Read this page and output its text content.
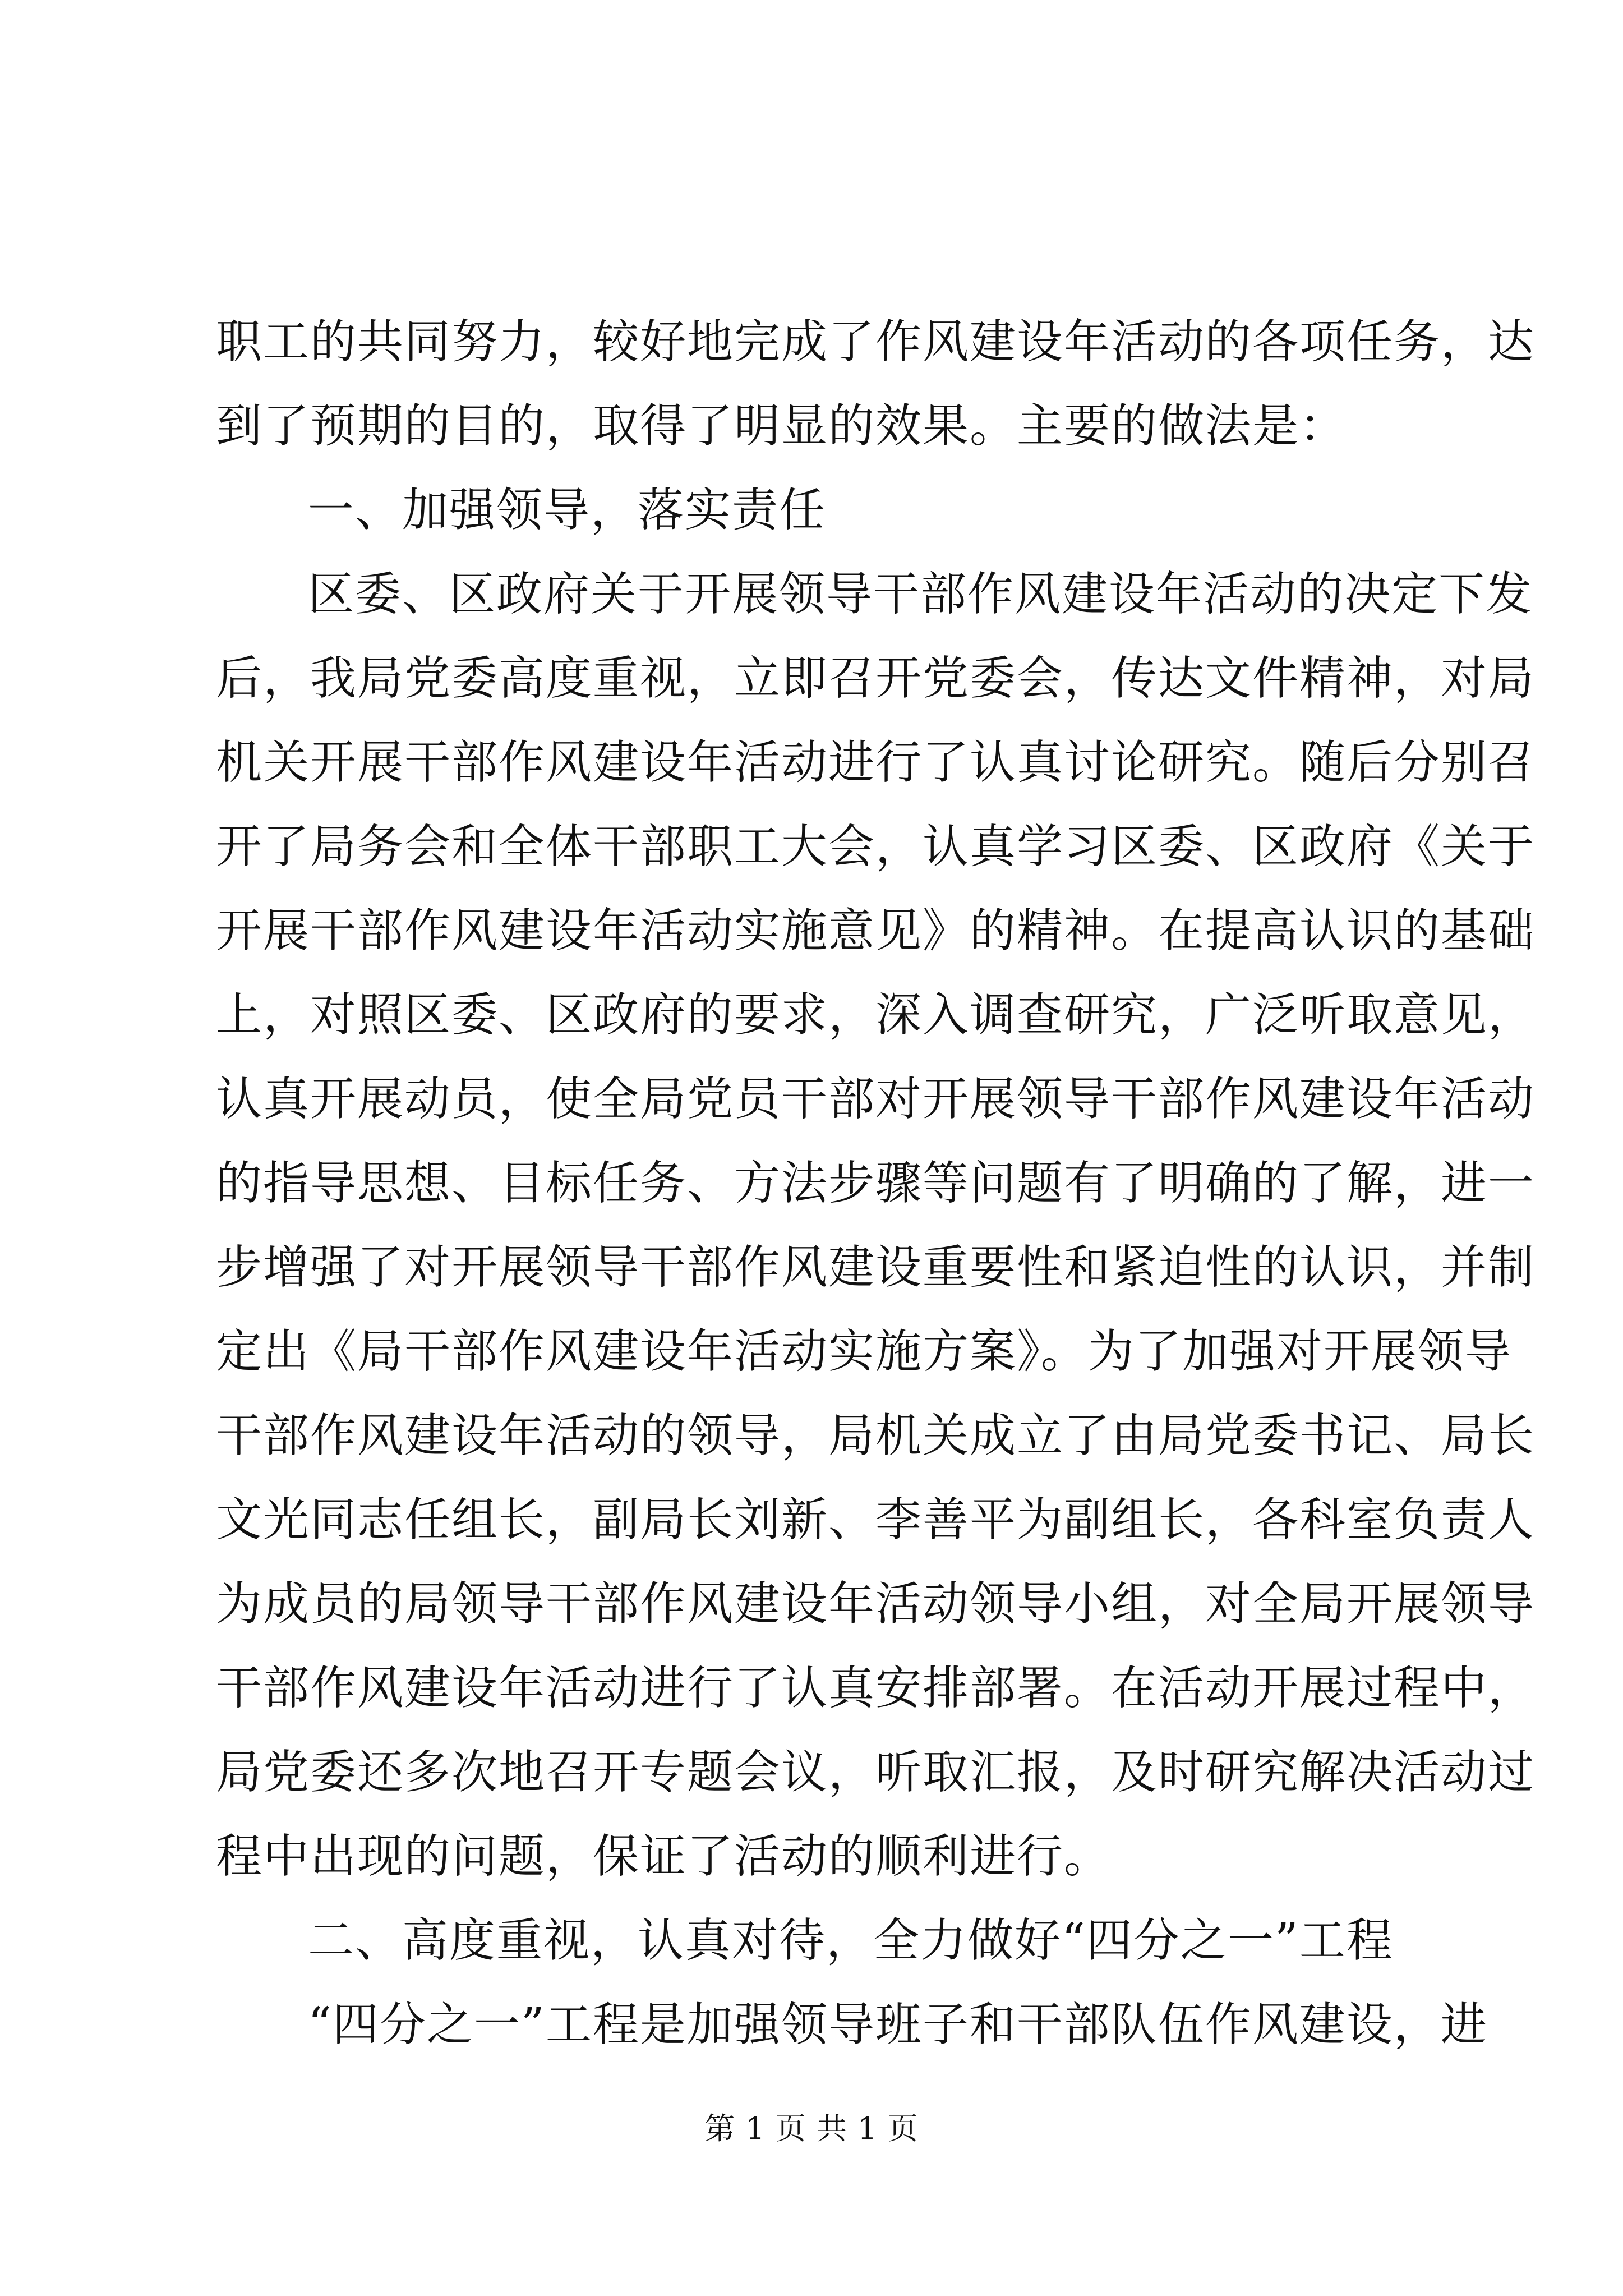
职工的共同努力，较好地完成了作风建设年活动的各项任务，达
到了预期的目的，取得了明显的效果。主要的做法是：
一、加强领导，落实责任
区委、区政府关于开展领导干部作风建设年活动的决定下发
后，我局党委高度重视，立即召开党委会，传达文件精神，对局
机关开展干部作风建设年活动进行了认真讨论研究。随后分别召
开了局务会和全体干部职工大会，认真学习区委、区政府《关于
开展干部作风建设年活动实施意见》的精神。在提高认识的基础
上，对照区委、区政府的要求，深入调查研究，广泛听取意见，
认真开展动员，使全局党员干部对开展领导干部作风建设年活动
的指导思想、目标任务、方法步骤等问题有了明确的了解，进一
步增强了对开展领导干部作风建设重要性和紧迫性的认识，并制
定出《局干部作风建设年活动实施方案》。为了加强对开展领导
干部作风建设年活动的领导，局机关成立了由局党委书记、局长
文光同志任组长，副局长刘新、李善平为副组长，各科室负责人
为成员的局领导干部作风建设年活动领导小组，对全局开展领导
干部作风建设年活动进行了认真安排部署。在活动开展过程中，
局党委还多次地召开专题会议，听取汇报，及时研究解决活动过
程中出现的问题，保证了活动的顺利进行。
二、高度重视，认真对待，全力做好“四分之一”工程
“四分之一”工程是加强领导班子和干部队伍作风建设，进
第 1 页 共 1 页
